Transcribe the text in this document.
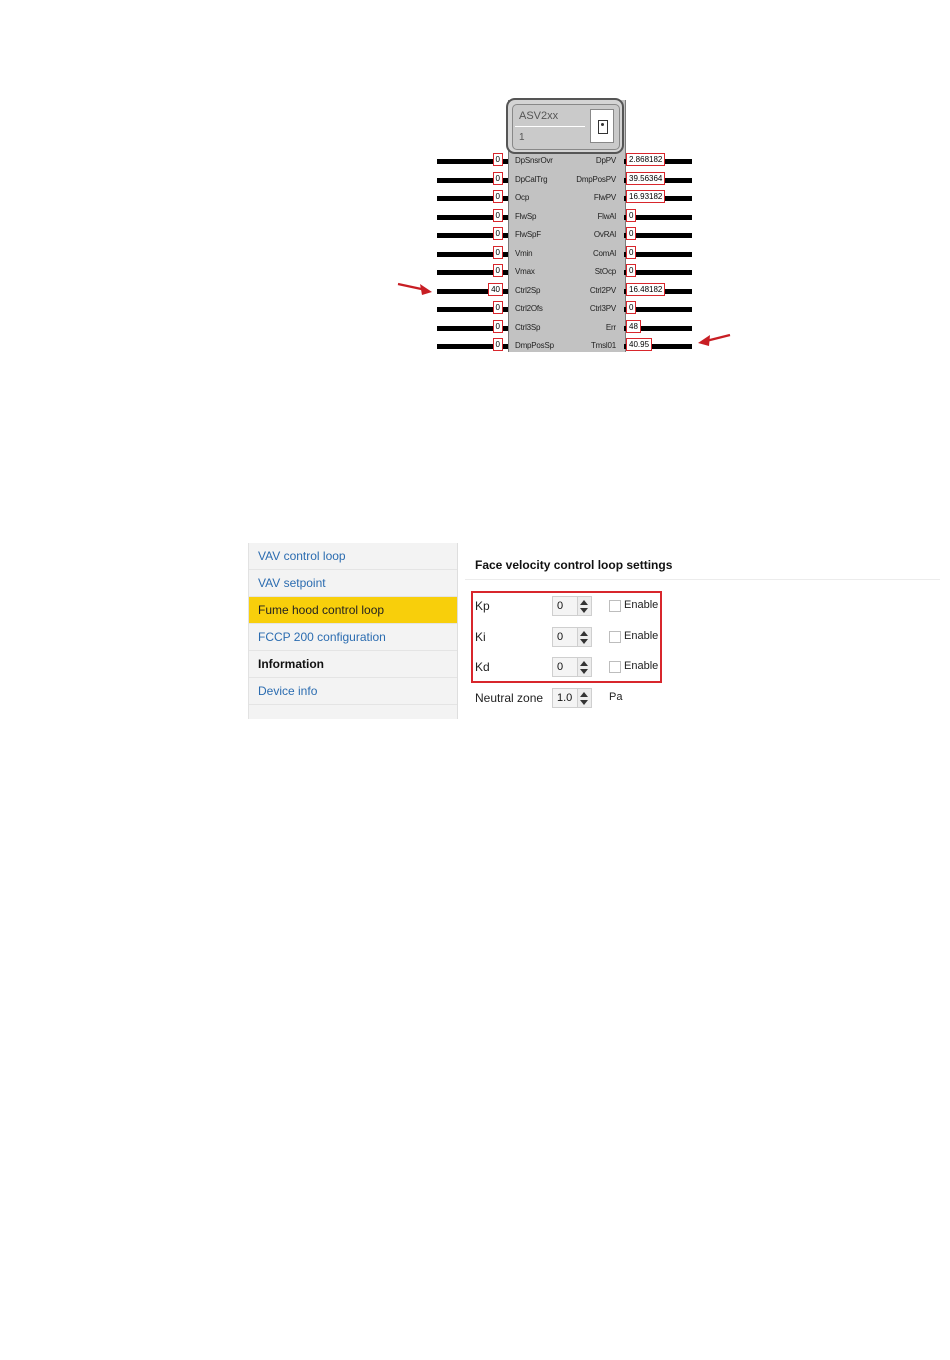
DpSnsrOvr
0	DpPV	2.868182
DpCalTrg
0	DmpPosPV	39.56364
Ocp
0	FlwPV	16.93182
FlwSp
0	FlwAl	0
FlwSpF
0	OvRAl	0
Vmin
0	ComAl	0
Vmax
0	StOcp	0
Ctrl2Sp
40	Ctrl2PV	16.48182
Ctrl2Ofs
0	Ctrl3PV	0
Ctrl3Sp
0	Err	48
DmpPosSp
0	Tmsl01	40.95
ASV2xx
1
VAV control loop
VAV setpoint
Fume hood control loop
FCCP 200 configuration
Information
Device info
Face velocity control loop settings
Kp	0	Enable
Ki	0	Enable
Kd	0	Enable
Neutral zone 1.0	Pa
